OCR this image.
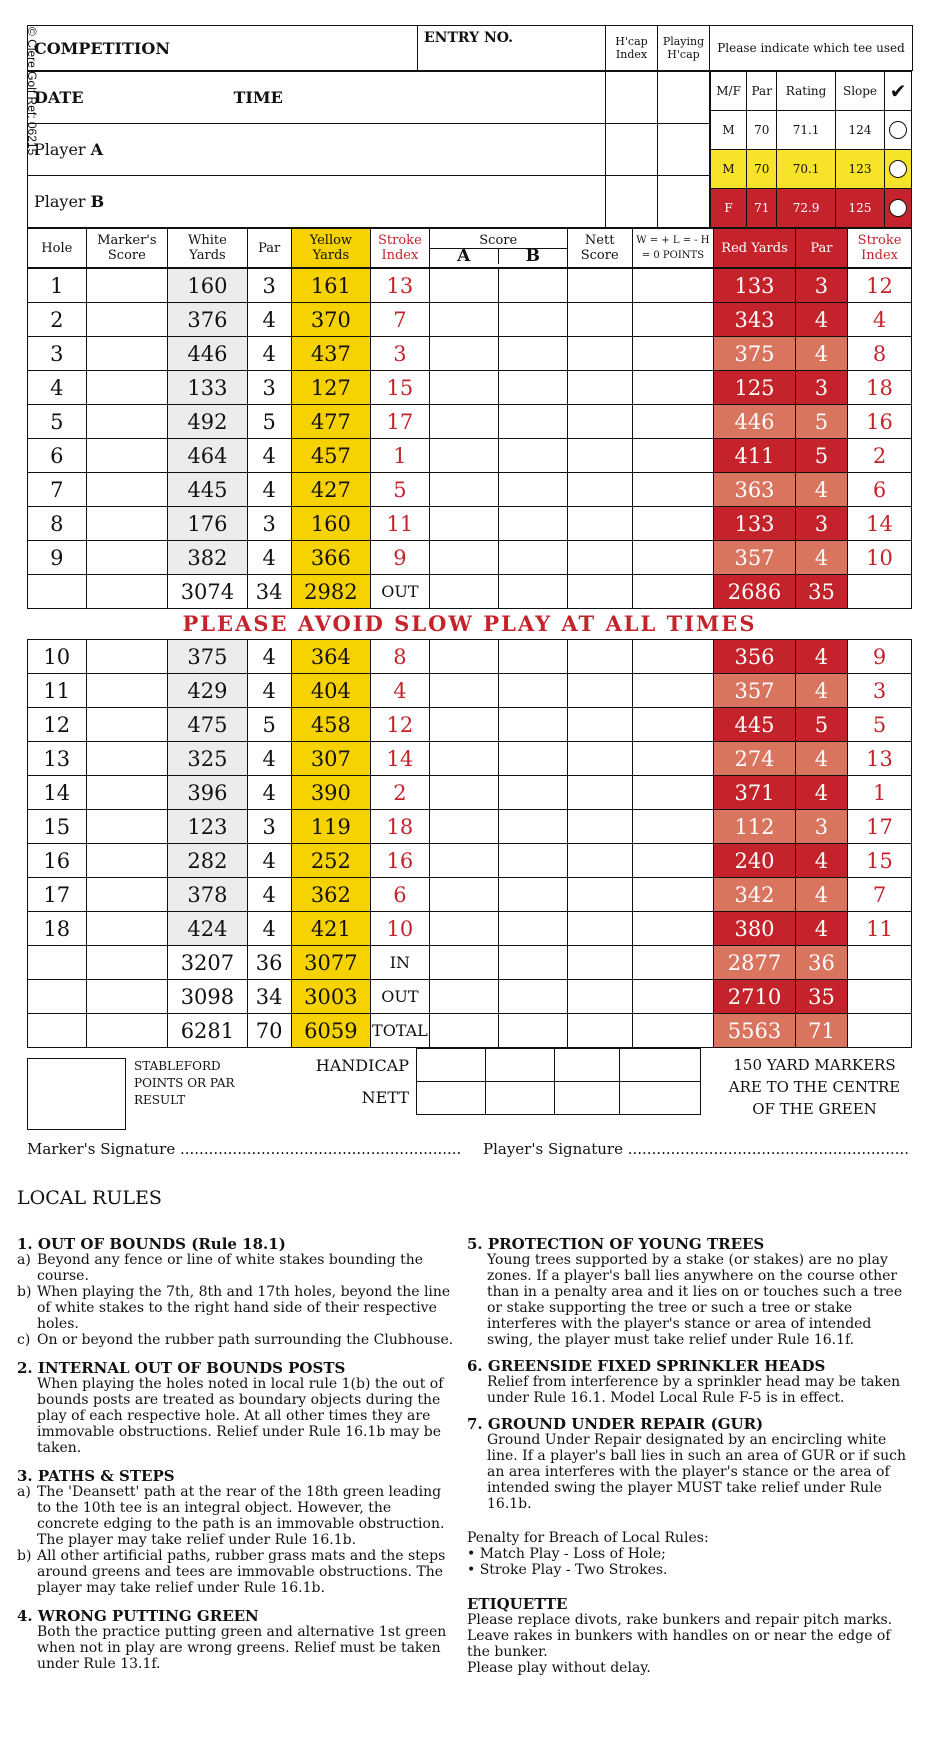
© Clere Golf Ref: 06215
COMPETITION	ENTRY NO.	H'cap Index	Playing H'cap	Please indicate which tee used
DATE TIME		
Player A		
Player B		
M/F	Par	Rating	Slope	✔
M	70	71.1	124	
M	70	70.1	123	
F	71	72.9	125	
Hole	Marker's Score	White Yards	Par	Yellow Yards	Stroke Index	
Score
A	B
	Nett Score	W = + L = - H = 0 POINTS	Red Yards	Par	Stroke Index
1		160	3	161	13					133	3	12
2		376	4	370	7					343	4	4
3		446	4	437	3					375	4	8
4		133	3	127	15					125	3	18
5		492	5	477	17					446	5	16
6		464	4	457	1					411	5	2
7		445	4	427	5					363	4	6
8		176	3	160	11					133	3	14
9		382	4	366	9					357	4	10
		3074	34	2982	OUT					2686	35	
PLEASE AVOID SLOW PLAY AT ALL TIMES
10		375	4	364	8					356	4	9
11		429	4	404	4					357	4	3
12		475	5	458	12					445	5	5
13		325	4	307	14					274	4	13
14		396	4	390	2					371	4	1
15		123	3	119	18					112	3	17
16		282	4	252	16					240	4	15
17		378	4	362	6					342	4	7
18		424	4	421	10					380	4	11
		3207	36	3077	IN					2877	36	
		3098	34	3003	OUT					2710	35	
		6281	70	6059	TOTAL					5563	71	
STABLEFORD POINTS OR PAR RESULT
HANDICAP
NETT

150 YARD MARKERS ARE TO THE CENTRE OF THE GREEN
Marker's Signature ........................................................... Player's Signature ...........................................................
LOCAL RULES
1. OUT OF BOUNDS (Rule 18.1)
a) Beyond any fence or line of white stakes bounding the course.
b) When playing the 7th, 8th and 17th holes, beyond the line of white stakes to the right hand side of their respective holes.
c) On or beyond the rubber path surrounding the Clubhouse.
2. INTERNAL OUT OF BOUNDS POSTS
When playing the holes noted in local rule 1(b) the out of bounds posts are treated as boundary objects during the play of each respective hole. At all other times they are immovable obstructions. Relief under Rule 16.1b may be taken.
3. PATHS & STEPS
a) The 'Deansett' path at the rear of the 18th green leading to the 10th tee is an integral object. However, the concrete edging to the path is an immovable obstruction. The player may take relief under Rule 16.1b.
b) All other artificial paths, rubber grass mats and the steps around greens and tees are immovable obstructions. The player may take relief under Rule 16.1b.
4. WRONG PUTTING GREEN
Both the practice putting green and alternative 1st green when not in play are wrong greens. Relief must be taken under Rule 13.1f.
5. PROTECTION OF YOUNG TREES
Young trees supported by a stake (or stakes) are no play zones. If a player's ball lies anywhere on the course other than in a penalty area and it lies on or touches such a tree or stake supporting the tree or such a tree or stake interferes with the player's stance or area of intended swing, the player must take relief under Rule 16.1f.
6. GREENSIDE FIXED SPRINKLER HEADS
Relief from interference by a sprinkler head may be taken under Rule 16.1. Model Local Rule F-5 is in effect.
7. GROUND UNDER REPAIR (GUR)
Ground Under Repair designated by an encircling white line. If a player's ball lies in such an area of GUR or if such an area interferes with the player's stance or the area of intended swing the player MUST take relief under Rule 16.1b.
Penalty for Breach of Local Rules:
• Match Play - Loss of Hole;
• Stroke Play - Two Strokes.
ETIQUETTE
Please replace divots, rake bunkers and repair pitch marks. Leave rakes in bunkers with handles on or near the edge of the bunker.
Please play without delay.
